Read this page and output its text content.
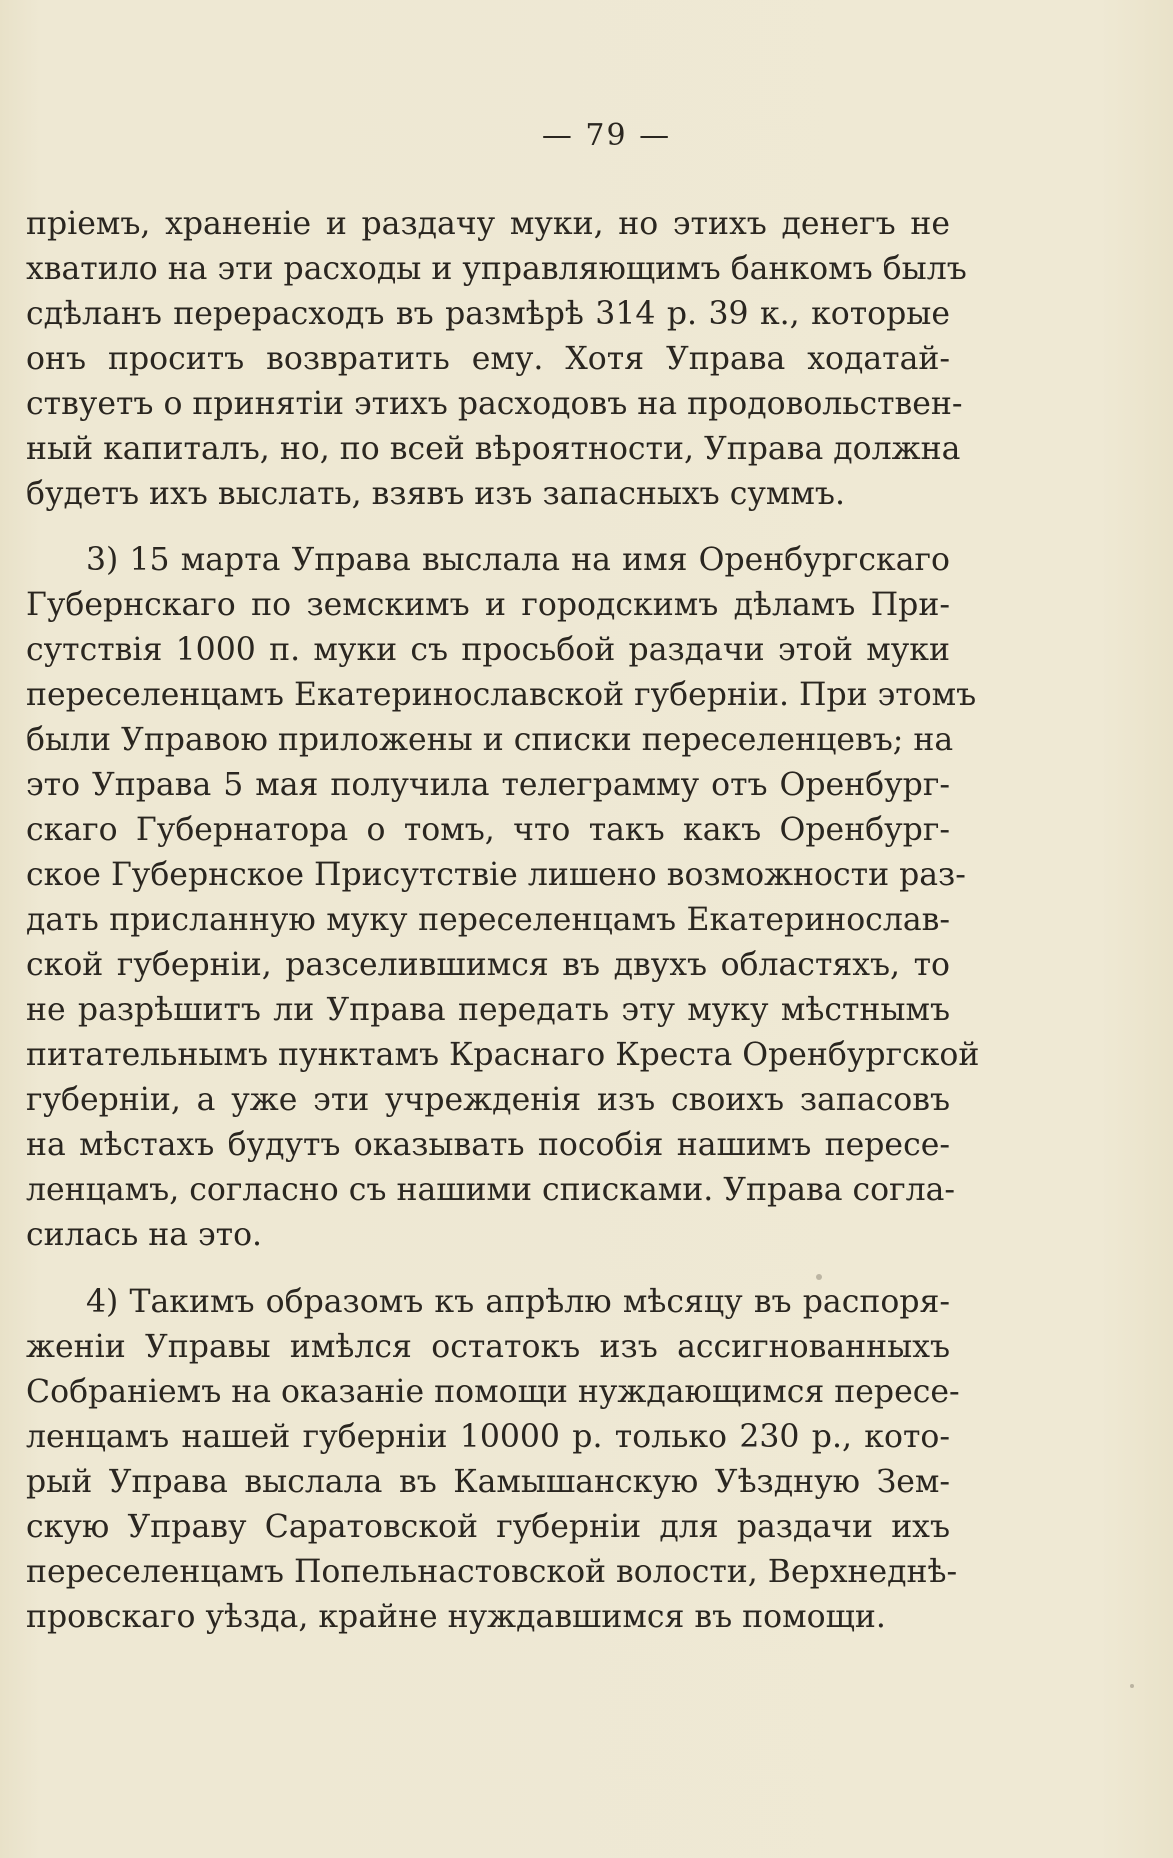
— 79 —
пріемъ, храненіе и раздачу муки, но этихъ денегъ не
хватило на эти расходы и управляющимъ банкомъ былъ
сдѣланъ перерасходъ въ размѣрѣ 314 р. 39 к., которые
онъ проситъ возвратить ему. Хотя Управа ходатай-
ствуетъ о принятіи этихъ расходовъ на продовольствен-
ный капиталъ, но, по всей вѣроятности, Управа должна
будетъ ихъ выслать, взявъ изъ запасныхъ суммъ.
3) 15 марта Управа выслала на имя Оренбургскаго
Губернскаго по земскимъ и городскимъ дѣламъ При-
сутствія 1000 п. муки съ просьбой раздачи этой муки
переселенцамъ Екатеринославской губерніи. При этомъ
были Управою приложены и списки переселенцевъ; на
это Управа 5 мая получила телеграмму отъ Оренбург-
скаго Губернатора о томъ, что такъ какъ Оренбург-
ское Губернское Присутствіе лишено возможности раз-
дать присланную муку переселенцамъ Екатеринослав-
ской губерніи, разселившимся въ двухъ областяхъ, то
не разрѣшитъ ли Управа передать эту муку мѣстнымъ
питательнымъ пунктамъ Краснаго Креста Оренбургской
губерніи, а уже эти учрежденія изъ своихъ запасовъ
на мѣстахъ будутъ оказывать пособія нашимъ пересе-
ленцамъ, согласно съ нашими списками. Управа согла-
силась на это.
4) Такимъ образомъ къ апрѣлю мѣсяцу въ распоря-
женіи Управы имѣлся остатокъ изъ ассигнованныхъ
Собраніемъ на оказаніе помощи нуждающимся пересе-
ленцамъ нашей губерніи 10000 р. только 230 р., кото-
рый Управа выслала въ Камышанскую Уѣздную Зем-
скую Управу Саратовской губерніи для раздачи ихъ
переселенцамъ Попельнастовской волости, Верхнеднѣ-
провскаго уѣзда, крайне нуждавшимся въ помощи.
